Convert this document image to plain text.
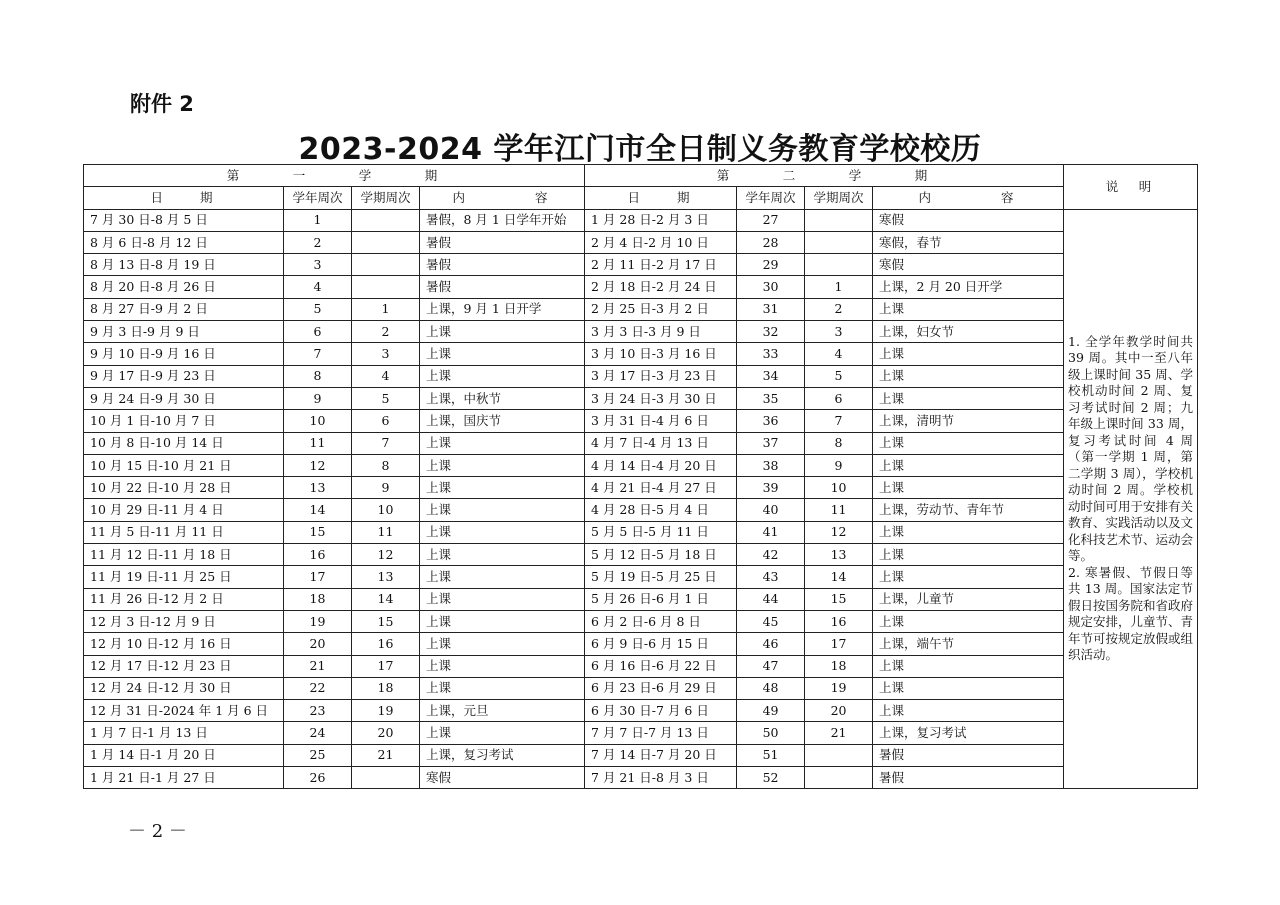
附件 2
2023-2024 学年江门市全日制义务教育学校校历
第　　　一　　　学　　　期				第　　　二　　　学　　　期				说　明
日　　期	学年周次	学期周次	内　　　　容	日　　期	学年周次	学期周次	内　　　　容	
7 月 30 日-8 月 5 日	1		暑假，8 月 1 日学年开始	1 月 28 日-2 月 3 日	27		寒假	1. 全学年教学时间共 39 周。其中一至八年级上课时间 35 周、学校机动时间 2 周、复习考试时间 2 周；九年级上课时间 33 周，复习考试时间 4 周（第一学期 1 周，第二学期 3 周），学校机动时间 2 周。学校机动时间可用于安排有关教育、实践活动以及文化科技艺术节、运动会等。
2. 寒暑假、节假日等共 13 周。国家法定节假日按国务院和省政府规定安排，儿童节、青年节可按规定放假或组织活动。
8 月 6 日-8 月 12 日	2		暑假	2 月 4 日-2 月 10 日	28		寒假，春节	
8 月 13 日-8 月 19 日	3		暑假	2 月 11 日-2 月 17 日	29		寒假	
8 月 20 日-8 月 26 日	4		暑假	2 月 18 日-2 月 24 日	30	1	上课，2 月 20 日开学	
8 月 27 日-9 月 2 日	5	1	上课，9 月 1 日开学	2 月 25 日-3 月 2 日	31	2	上课	
9 月 3 日-9 月 9 日	6	2	上课	3 月 3 日-3 月 9 日	32	3	上课，妇女节	
9 月 10 日-9 月 16 日	7	3	上课	3 月 10 日-3 月 16 日	33	4	上课	
9 月 17 日-9 月 23 日	8	4	上课	3 月 17 日-3 月 23 日	34	5	上课	
9 月 24 日-9 月 30 日	9	5	上课，中秋节	3 月 24 日-3 月 30 日	35	6	上课	
10 月 1 日-10 月 7 日	10	6	上课，国庆节	3 月 31 日-4 月 6 日	36	7	上课，清明节	
10 月 8 日-10 月 14 日	11	7	上课	4 月 7 日-4 月 13 日	37	8	上课	
10 月 15 日-10 月 21 日	12	8	上课	4 月 14 日-4 月 20 日	38	9	上课	
10 月 22 日-10 月 28 日	13	9	上课	4 月 21 日-4 月 27 日	39	10	上课	
10 月 29 日-11 月 4 日	14	10	上课	4 月 28 日-5 月 4 日	40	11	上课，劳动节、青年节	
11 月 5 日-11 月 11 日	15	11	上课	5 月 5 日-5 月 11 日	41	12	上课	
11 月 12 日-11 月 18 日	16	12	上课	5 月 12 日-5 月 18 日	42	13	上课	
11 月 19 日-11 月 25 日	17	13	上课	5 月 19 日-5 月 25 日	43	14	上课	
11 月 26 日-12 月 2 日	18	14	上课	5 月 26 日-6 月 1 日	44	15	上课，儿童节	
12 月 3 日-12 月 9 日	19	15	上课	6 月 2 日-6 月 8 日	45	16	上课	
12 月 10 日-12 月 16 日	20	16	上课	6 月 9 日-6 月 15 日	46	17	上课，端午节	
12 月 17 日-12 月 23 日	21	17	上课	6 月 16 日-6 月 22 日	47	18	上课	
12 月 24 日-12 月 30 日	22	18	上课	6 月 23 日-6 月 29 日	48	19	上课	
12 月 31 日-2024 年 1 月 6 日	23	19	上课，元旦	6 月 30 日-7 月 6 日	49	20	上课	
1 月 7 日-1 月 13 日	24	20	上课	7 月 7 日-7 月 13 日	50	21	上课，复习考试	
1 月 14 日-1 月 20 日	25	21	上课，复习考试	7 月 14 日-7 月 20 日	51		暑假	
1 月 21 日-1 月 27 日	26		寒假	7 月 21 日-8 月 3 日	52		暑假	
－ 2 －
